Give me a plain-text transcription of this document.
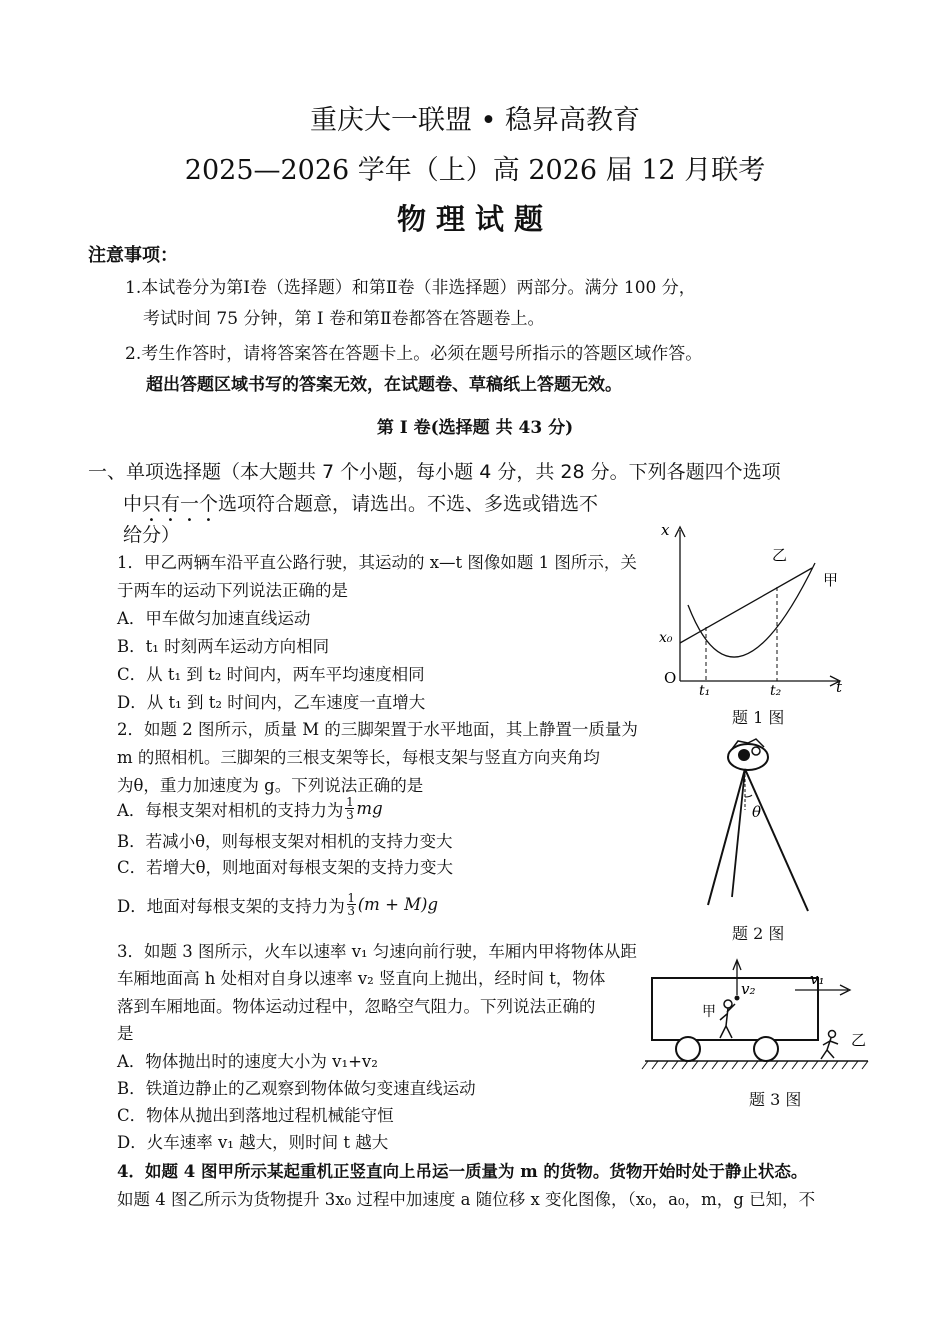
重庆大一联盟 • 稳昇高教育
2025—2026 学年（上）高 2026 届 12 月联考
物理试题
注意事项：
1.本试卷分为第Ⅰ卷（选择题）和第Ⅱ卷（非选择题）两部分。满分 100 分，
考试时间 75 分钟，第 I 卷和第Ⅱ卷都答在答题卷上。
2.考生作答时，请将答案答在答题卡上。必须在题号所指示的答题区域作答。
超出答题区域书写的答案无效，在试题卷、草稿纸上答题无效。
第 I 卷(选择题 共 43 分)
一、单项选择题（本大题共 7 个小题，每小题 4 分，共 28 分。下列各题四个选项
中只有一个选项符合题意，请选出。不选、多选或错选不
给分）
1．甲乙两辆车沿平直公路行驶，其运动的 x—t 图像如题 1 图所示，关
于两车的运动下列说法正确的是
A．甲车做匀加速直线运动
B．t₁ 时刻两车运动方向相同
C．从 t₁ 到 t₂ 时间内，两车平均速度相同
D．从 t₁ 到 t₂ 时间内，乙车速度一直增大
x
t
O
x₀
t₁	t₂
乙
甲
题 1 图
2．如题 2 图所示，质量 M 的三脚架置于水平地面，其上静置一质量为
m 的照相机。三脚架的三根支架等长，每根支架与竖直方向夹角均
为θ，重力加速度为 g。下列说法正确的是
A．每根支架对相机的支持力为 1
3 mg
B．若减小θ，则每根支架对相机的支持力变大
C．若增大θ，则地面对每根支架的支持力变大
D．地面对每根支架的支持力为 1
3 (m + M)g
θ
题 2 图
3．如题 3 图所示，火车以速率 v₁ 匀速向前行驶，车厢内甲将物体从距
车厢地面高 h 处相对自身以速率 v₂ 竖直向上抛出，经时间 t，物体
落到车厢地面。物体运动过程中，忽略空气阻力。下列说法正确的
是
A．物体抛出时的速度大小为 v₁+v₂
B．铁道边静止的乙观察到物体做匀变速直线运动
C．物体从抛出到落地过程机械能守恒
D．火车速率 v₁ 越大，则时间 t 越大
v₂
甲
v₁
乙
题 3 图
4．如题 4 图甲所示某起重机正竖直向上吊运一质量为 m 的货物。货物开始时处于静止状态。
如题 4 图乙所示为货物提升 3x₀ 过程中加速度 a 随位移 x 变化图像，（x₀，a₀，m，g 已知，不
